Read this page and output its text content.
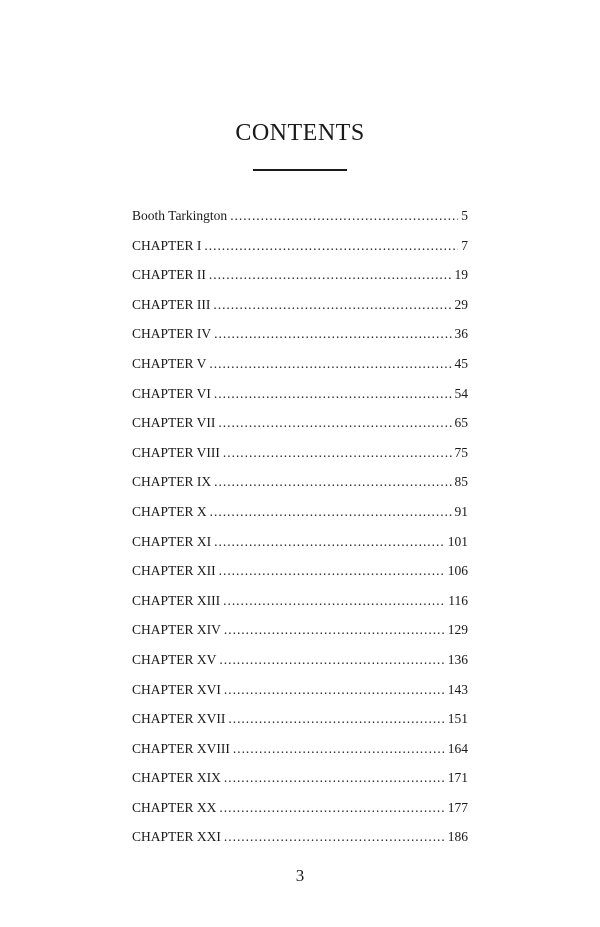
CONTENTS
Booth Tarkington . . .	5
CHAPTER I . . .	7
CHAPTER II . . .	19
CHAPTER III . . .	29
CHAPTER IV . . .	36
CHAPTER V . . .	45
CHAPTER VI . . .	54
CHAPTER VII . . .	65
CHAPTER VIII . . .	75
CHAPTER IX . . .	85
CHAPTER X . . .	91
CHAPTER XI . . .	101
CHAPTER XII . . .	106
CHAPTER XIII . . .	116
CHAPTER XIV . . .	129
CHAPTER XV . . .	136
CHAPTER XVI . . .	143
CHAPTER XVII . . .	151
CHAPTER XVIII . . .	164
CHAPTER XIX . . .	171
CHAPTER XX . . .	177
CHAPTER XXI . . .	186
3
